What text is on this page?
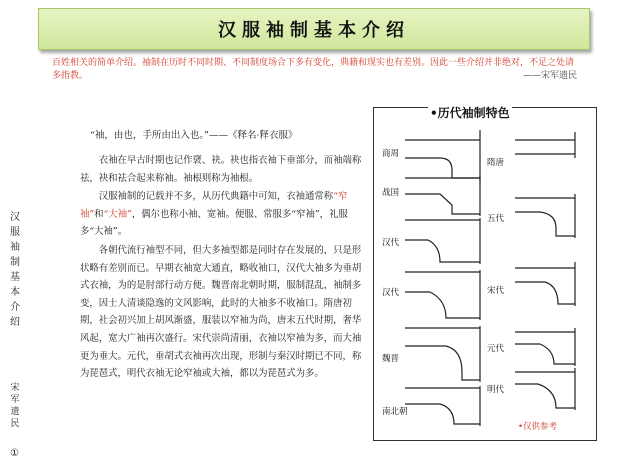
汉服袖制基本介绍
百姓相关的简单介绍。袖制在历时不同时期、不同制度场合下多有变化，典籍和现实也有差别。因此一些介绍并非绝对，不足之处请多指教。	——宋军遗民
“袖，由也，手所由出入也。”——《释名·释衣服》

衣袖在早古时期也记作褎、袂。袂也指衣袖下垂部分，而袖端称祛，袂和祛合起来称袖。袖根则称为袖根。

汉服袖制的记载并不多，从历代典籍中可知，衣袖通常称“窄袖”和“大袖”，偶尔也称小袖、宽袖。便服、常服多“窄袖”，礼服多“大袖”。

各朝代流行袖型不同，但大多袖型都是同时存在发展的，只是形状略有差别而已。早期衣袖宽大通直，略收袖口，汉代大袖多为垂胡式衣袖，为的是肘部行动方便。魏晋南北朝时期，服制混乱，袖制多变，因士人清谈隐逸的文风影响，此时的大袖多不收袖口。隋唐初期，社会初兴加上胡风渐盛，服装以窄袖为尚，唐末五代时期，奢华风起，宽大广袖再次盛行。宋代崇尚清丽，衣袖以窄袖为多，而大袖更为垂大。元代，垂胡式衣袖再次出现，形制与秦汉时期已不同，称为琵琶式，明代衣袖无论窄袖或大袖，都以为琵琶式为多。

汉服袖制基本介绍
宋军遗民
①
•历代袖制特色
商周
战国
汉代
汉代
魏晋
南北朝
隋唐
五代
宋代
元代
明代
•仅供参考
